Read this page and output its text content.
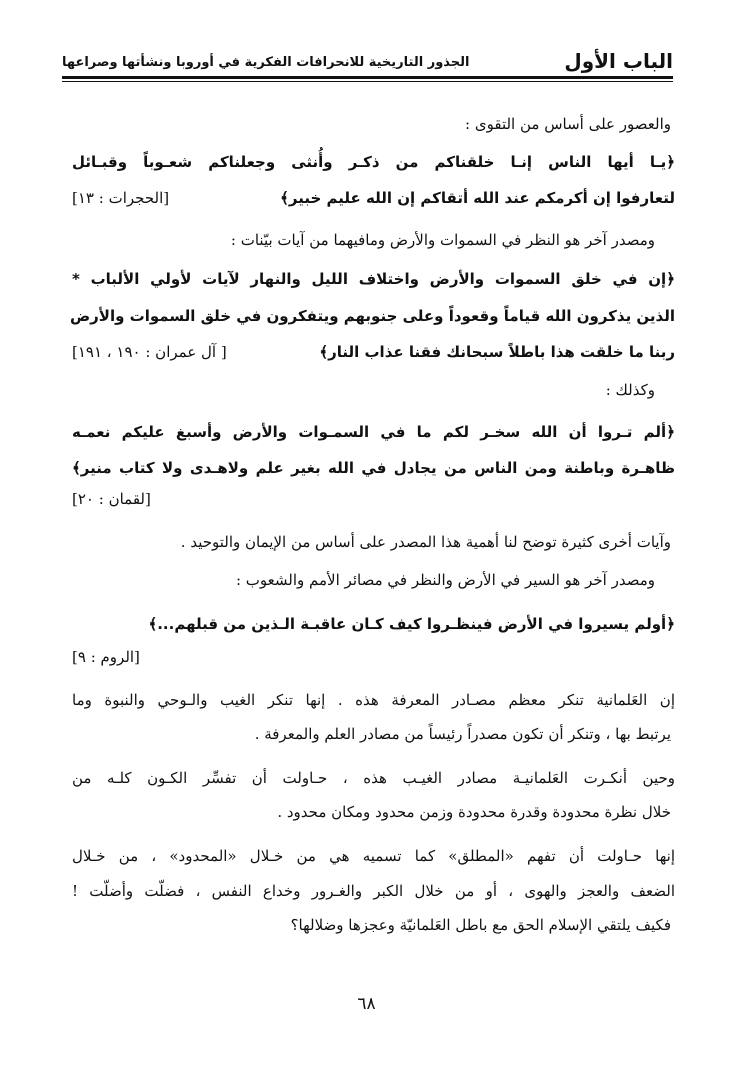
الباب الأول
الجذور التاريخية للانحرافات الفكرية في أوروبا ونشأتها وصراعها
والعصور على أساس من التقوى :
﴿يـا أيها الناس إنـا خلقناكم من ذكـر وأُنثى وجعلناكم شعـوباً وقبـائل
لتعارفوا إن أكرمكم عند الله أتقاكم إن الله عليم خبير﴾
[الحجرات : ١٣]
ومصدر آخر هو النظر في السموات والأرض ومافيهما من آيات بيّنات :
﴿إن في خلق السموات والأرض واختلاف الليل والنهار لآيات لأولي الألباب *
الذين يذكرون الله قياماً وقعوداً وعلى جنوبهم ويتفكرون في خلق السموات والأرض
ربنا ما خلقت هذا باطلاً سبحانك فقنا عذاب النار﴾
[ آل عمران : ١٩٠ ، ١٩١]
وكذلك :
﴿ألم تـروا أن الله سخـر لكم ما في السمـوات والأرض وأسبغ عليكم نعمـه
ظاهـرة وباطنة ومن الناس من يجادل في الله بغير علم ولاهـدى ولا كتاب منير﴾
[لقمان : ٢٠]
وآيات أخرى كثيرة توضح لنا أهمية هذا المصدر على أساس من الإيمان والتوحيد .
ومصدر آخر هو السير في الأرض والنظر في مصائر الأمم والشعوب :
﴿أولم يسيروا في الأرض فينظـروا كيف كـان عاقبـة الـذين من قبلهم...﴾
[الروم : ٩]
إن العَلمانية تنكر معظم مصـادر المعرفة هذه . إنها تنكر الغيب والـوحي والنبوة وما
يرتبط بها ، وتنكر أن تكون مصدراً رئيساً من مصادر العلم والمعرفة .
وحين أنكـرت العَلمانيـة مصادر الغيـب هذه ، حـاولت أن تفسِّر الكـون كلـه من
خلال نظرة محدودة وقدرة محدودة وزمن محدود ومكان محدود .
إنها حـاولت أن تفهم «المطلق» كما تسميه هي من خـلال «المحدود» ، من خـلال
الضعف والعجز والهوى ، أو من خلال الكبر والغـرور وخداع النفس ، فضلّت وأضلّت !
فكيف يلتقي الإسلام الحق مع باطل العَلمانيّة وعجزها وضلالها؟
٦٨
